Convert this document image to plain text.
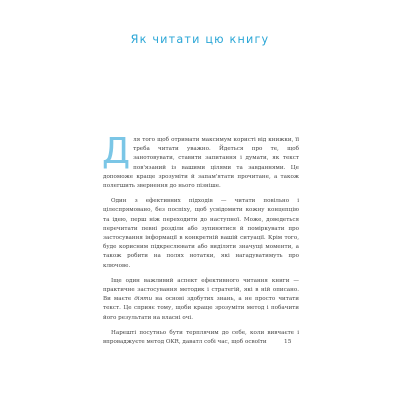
Як читати цю книгу

Для того щоб отримати максимум користі від книжки, її треба читати уважно. Йдеться про те, щоб занотовувати, ставити запитання і думати, як текст пов'язаний із вашими цілями та завданнями. Це допоможе краще зрозуміти й запам'ятати прочитане, а також полегшить звернення до нього пізніше.

Один з ефективних підходів — читати повільно і цілеспрямовано, без поспіху, щоб усвідомити кожну концепцію та ідею, перш ніж переходити до наступної. Може, доведеться перечитати певні розділи або зупинятися й поміркувати про застосування інформації в конкретній вашій ситуації. Крім того, буде корисним підкреслювати або виділяти значущі моменти, а також робити на полях нотатки, які нагадуватимуть про ключове.

Іще один важливий аспект ефективного читання книги — практичне застосування методик і стратегій, які в ній описано. Ви маєте діяти на основі здобутих знань, а не просто читати текст. Це сприяє тому, щоби краще зрозуміти метод і побачити його результати на власні очі.

Нарешті посутньо бути терплячим до себе, коли вивчаєте і впроваджуєте метод OKR, даватл собі час, щоб освоїти	15
